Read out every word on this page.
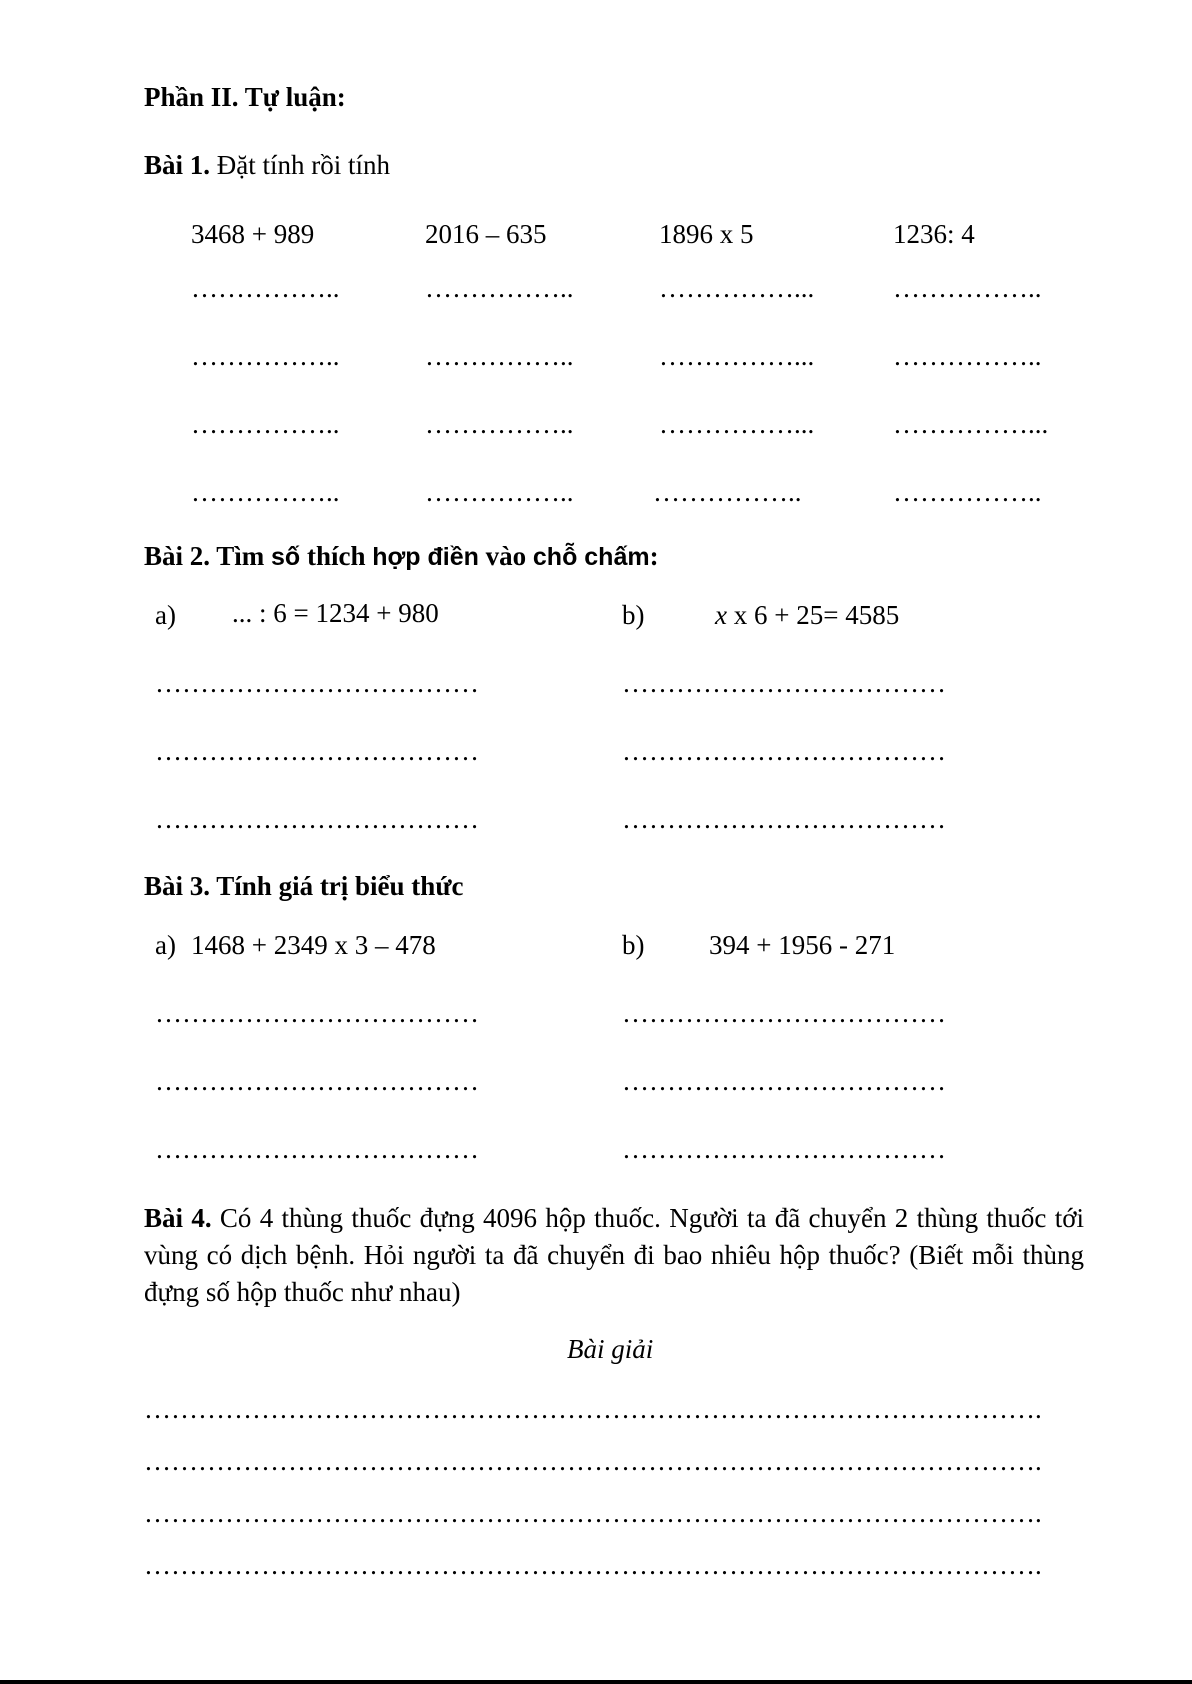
Phần II. Tự luận:
Bài 1. Đặt tính rồi tính
3468 + 989	2016 – 635	1896 x 5	1236: 4
……………..	……………..	……………...	……………..
……………..	……………..	……………...	……………..
……………..	……………..	……………...	……………...
……………..	……………..	……………..	……………..
Bài 2. Tìm số thích hợp điền vào chỗ chấm:
a) ... : 6 = 1234 + 980	b)	x x 6 + 25= 4585
………………………………	………………………………
………………………………	………………………………
………………………………	………………………………
Bài 3. Tính giá trị biểu thức
a) 1468 + 2349 x 3 – 478	b) 394 + 1956 - 271
………………………………	………………………………
………………………………	………………………………
………………………………	………………………………
Bài 4. Có 4 thùng thuốc đựng 4096 hộp thuốc. Người ta đã chuyển 2 thùng thuốc tới vùng có dịch bệnh. Hỏi người ta đã chuyển đi bao nhiêu hộp thuốc? (Biết mỗi thùng đựng số hộp thuốc như nhau)
Bài giải
……………………………………………………………………………………….
……………………………………………………………………………………….
……………………………………………………………………………………….
……………………………………………………………………………………….
